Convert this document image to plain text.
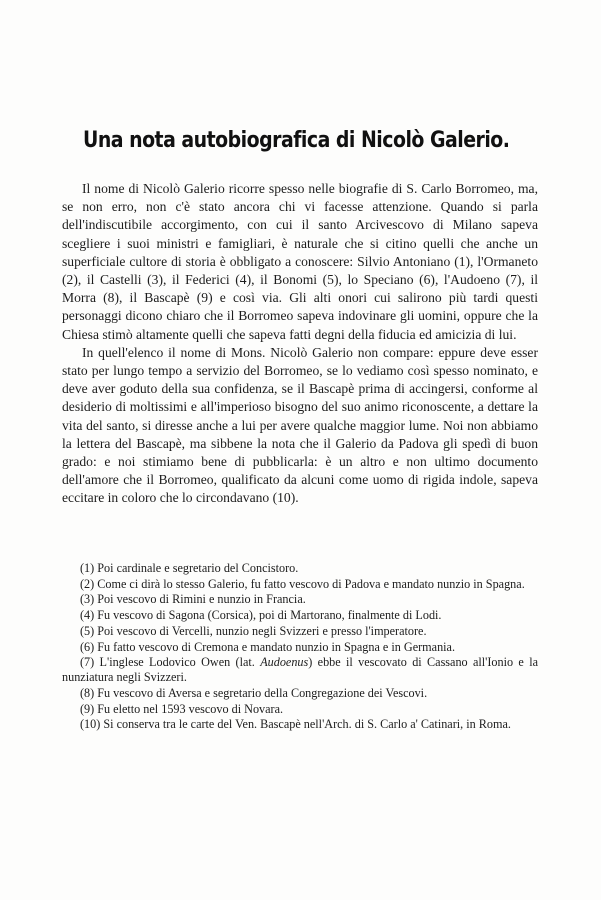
Una nota autobiografica di Nicolò Galerio.

Il nome di Nicolò Galerio ricorre spesso nelle biografie di S. Carlo Borromeo, ma, se non erro, non c'è stato ancora chi vi facesse attenzione. Quando si parla dell'indiscutibile accorgimento, con cui il santo Arcivescovo di Milano sapeva scegliere i suoi ministri e famigliari, è naturale che si citino quelli che anche un superficiale cultore di storia è obbligato a conoscere: Silvio Antoniano (1), l'Ormaneto (2), il Castelli (3), il Federici (4), il Bonomi (5), lo Speciano (6), l'Audoeno (7), il Morra (8), il Bascapè (9) e così via. Gli alti onori cui salirono più tardi questi personaggi dicono chiaro che il Borromeo sapeva indovinare gli uomini, oppure che la Chiesa stimò altamente quelli che sapeva fatti degni della fiducia ed amicizia di lui.

In quell'elenco il nome di Mons. Nicolò Galerio non compare: eppure deve esser stato per lungo tempo a servizio del Borromeo, se lo vediamo così spesso nominato, e deve aver goduto della sua confidenza, se il Bascapè prima di accingersi, conforme al desiderio di moltissimi e all'imperioso bisogno del suo animo riconoscente, a dettare la vita del santo, si diresse anche a lui per avere qualche maggior lume. Noi non abbiamo la lettera del Bascapè, ma sibbene la nota che il Galerio da Padova gli spedì di buon grado: e noi stimiamo bene di pubblicarla: è un altro e non ultimo documento dell'amore che il Borromeo, qualificato da alcuni come uomo di rigida indole, sapeva eccitare in coloro che lo circondavano (10).

(1) Poi cardinale e segretario del Concistoro.
(2) Come ci dirà lo stesso Galerio, fu fatto vescovo di Padova e mandato nunzio in Spagna.
(3) Poi vescovo di Rimini e nunzio in Francia.
(4) Fu vescovo di Sagona (Corsica), poi di Martorano, finalmente di Lodi.
(5) Poi vescovo di Vercelli, nunzio negli Svizzeri e presso l'imperatore.
(6) Fu fatto vescovo di Cremona e mandato nunzio in Spagna e in Germania.
(7) L'inglese Lodovico Owen (lat. Audoenus) ebbe il vescovato di Cassano all'Ionio e la nunziatura negli Svizzeri.
(8) Fu vescovo di Aversa e segretario della Congregazione dei Vescovi.
(9) Fu eletto nel 1593 vescovo di Novara.
(10) Si conserva tra le carte del Ven. Bascapè nell'Arch. di S. Carlo a' Catinari, in Roma.
